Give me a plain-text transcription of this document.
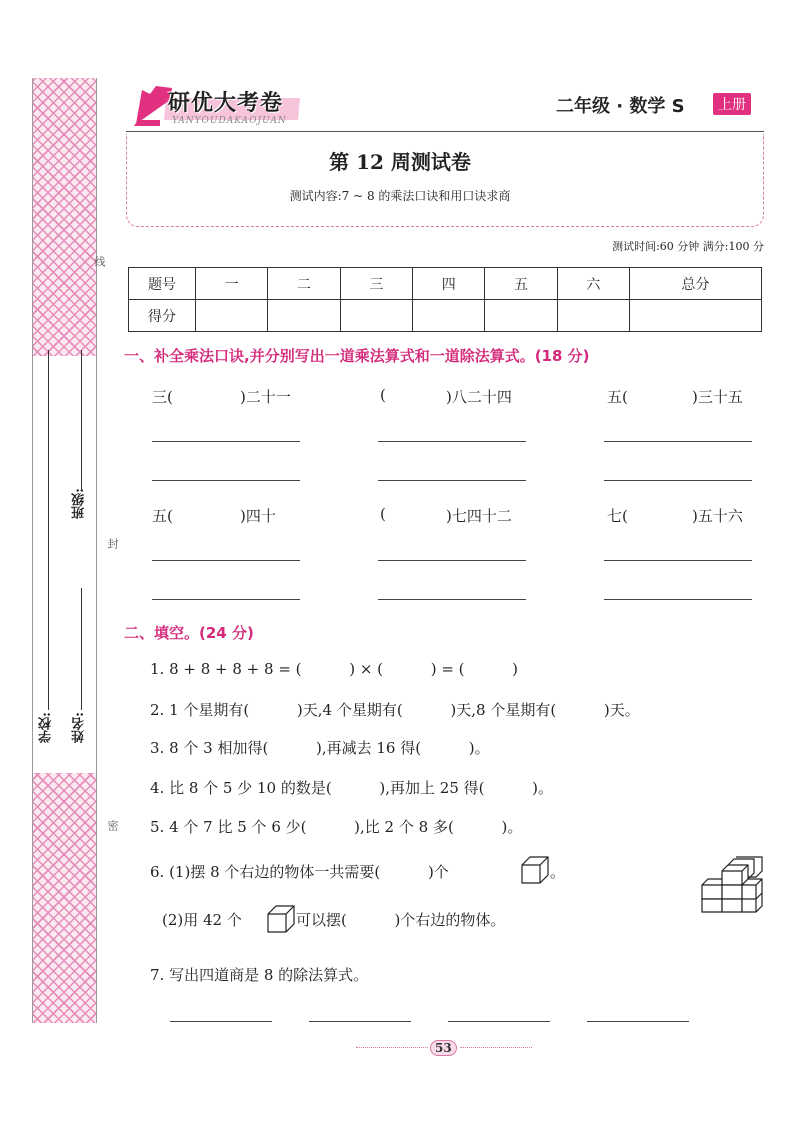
线
封
密
班级:
姓名:
学校:
研优大考卷
YANYOUDAKAOJUAN
二年级 · 数学 S	上册
第 12 周测试卷
测试内容:7 ~ 8 的乘法口诀和用口诀求商
测试时间:60 分钟 满分:100 分
题号	一	二	三	四	五	六	总分
得分							
一、补全乘法口诀,并分别写出一道乘法算式和一道除法算式。(18 分)
三(	)二十一	(	)八二十四	五(	)三十五
五(	)四十	(	)七四十二	七(	)五十六
二、填空。(24 分)
1. 8 + 8 + 8 + 8 = (          ) × (          ) = (          )
2. 1 个星期有(          )天,4 个星期有(          )天,8 个星期有(          )天。
3. 8 个 3 相加得(          ),再减去 16 得(          )。
4. 比 8 个 5 少 10 的数是(          ),再加上 25 得(          )。
5. 4 个 7 比 5 个 6 少(          ),比 2 个 8 多(          )。
6. (1)摆 8 个右边的物体一共需要(          )个	。
(2)用 42 个	可以摆(          )个右边的物体。
7. 写出四道商是 8 的除法算式。
53
